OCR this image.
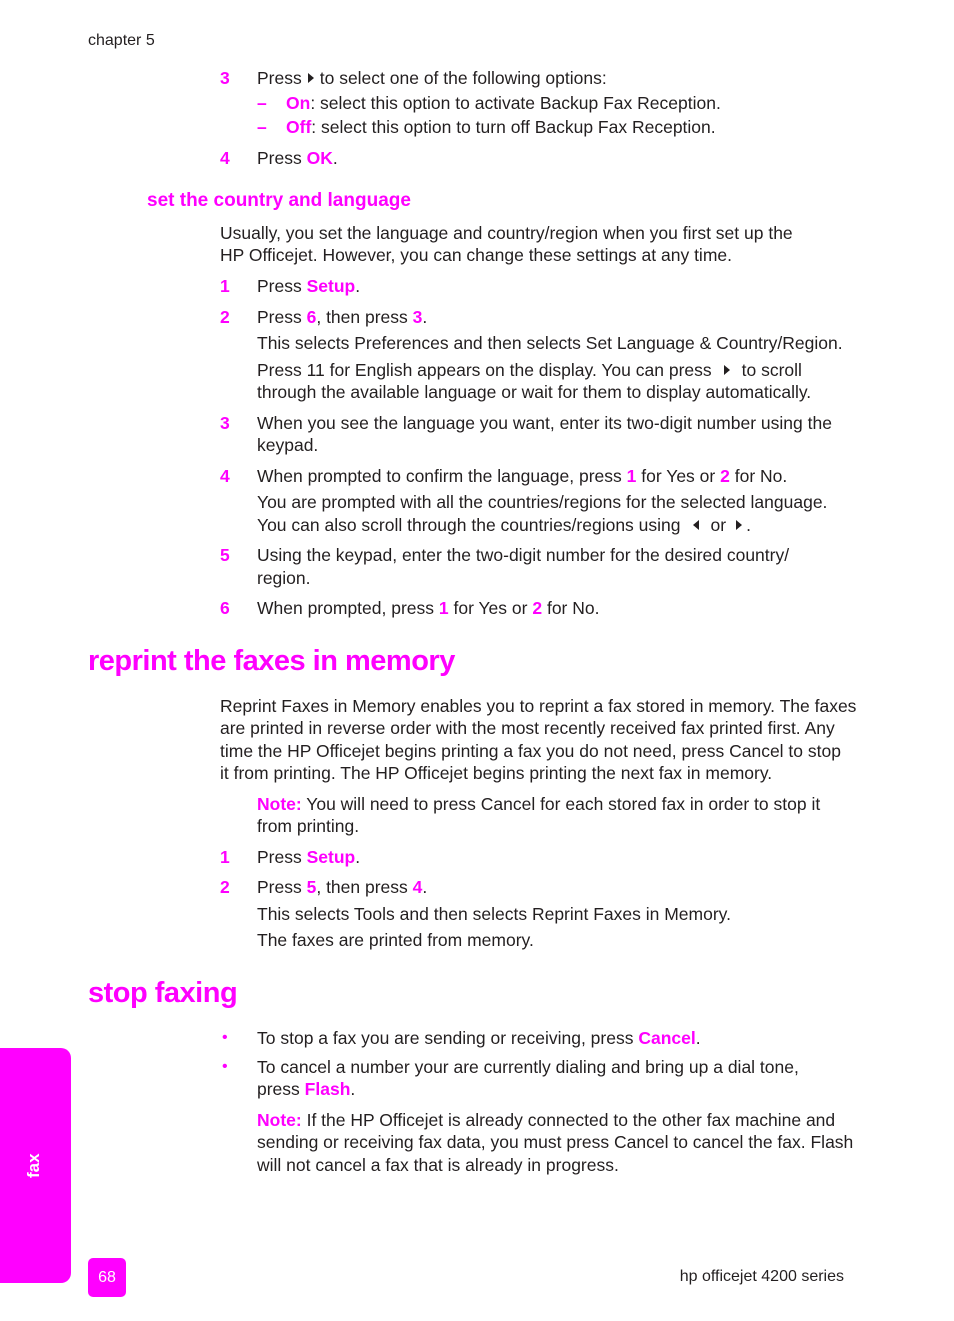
chapter 5
3 Press to select one of the following options:
– On: select this option to activate Backup Fax Reception.
– Off: select this option to turn off Backup Fax Reception.
4 Press OK.
set the country and language
Usually, you set the language and country/region when you first set up the
HP Officejet. However, you can change these settings at any time.
1 Press Setup.
2 Press 6, then press 3.
This selects Preferences and then selects Set Language & Country/Region.
Press 11 for English appears on the display. You can press to scroll
through the available language or wait for them to display automatically.
3 When you see the language you want, enter its two-digit number using the
keypad.
4 When prompted to confirm the language, press 1 for Yes or 2 for No.
You are prompted with all the countries/regions for the selected language.
You can also scroll through the countries/regions using or .
5 Using the keypad, enter the two-digit number for the desired country/
region.
6 When prompted, press 1 for Yes or 2 for No.
reprint the faxes in memory
Reprint Faxes in Memory enables you to reprint a fax stored in memory. The faxes
are printed in reverse order with the most recently received fax printed first. Any
time the HP Officejet begins printing a fax you do not need, press Cancel to stop
it from printing. The HP Officejet begins printing the next fax in memory.
Note: You will need to press Cancel for each stored fax in order to stop it
from printing.
1 Press Setup.
2 Press 5, then press 4.
This selects Tools and then selects Reprint Faxes in Memory.
The faxes are printed from memory.
stop faxing
• To stop a fax you are sending or receiving, press Cancel.
• To cancel a number your are currently dialing and bring up a dial tone,
press Flash.
Note: If the HP Officejet is already connected to the other fax machine and
sending or receiving fax data, you must press Cancel to cancel the fax. Flash
will not cancel a fax that is already in progress.
fax
68	hp officejet 4200 series
